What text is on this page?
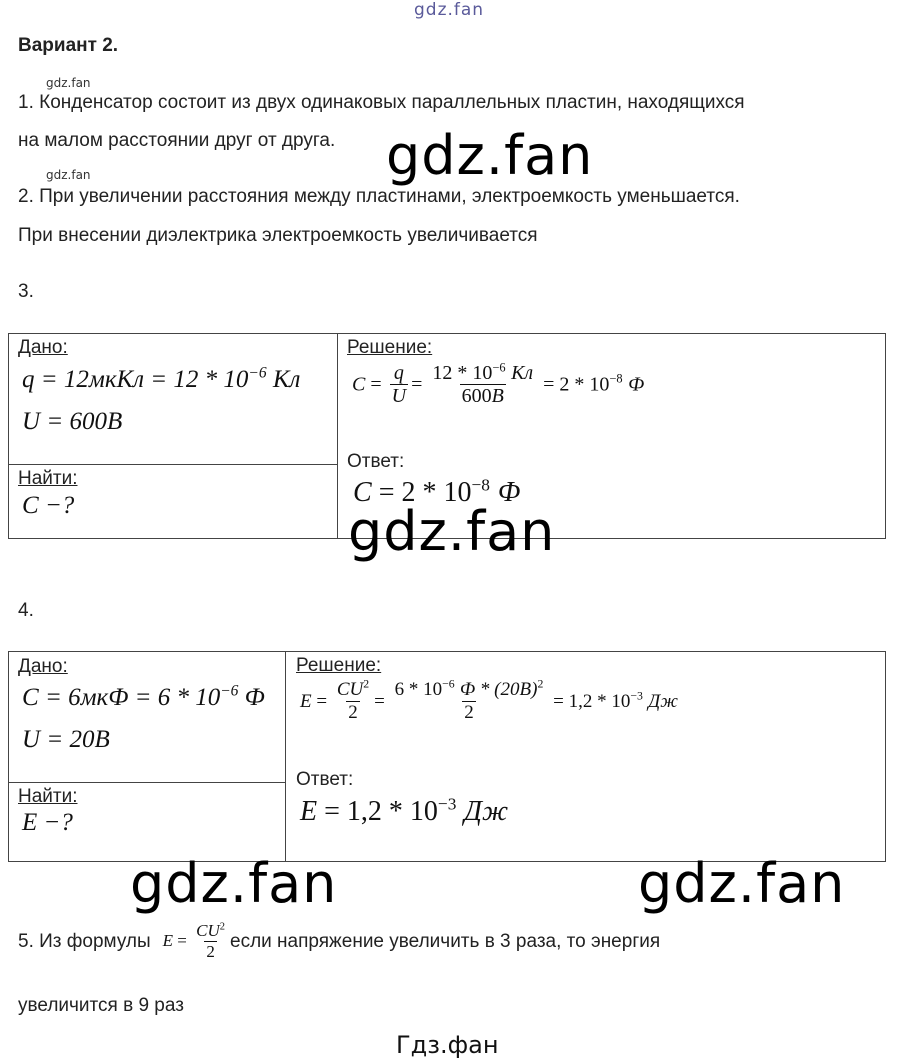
gdz.fan
Вариант 2.
gdz.fan
1. Конденсатор состоит из двух одинаковых параллельных пластин, находящихся
на малом расстоянии друг от друга. gdz.fan
gdz.fan
2. При увеличении расстояния между пластинами, электроемкость уменьшается.
При внесении диэлектрика электроемкость увеличивается
3.
Дано:
q = 12мкКл = $12 * 10^{-6}$ Кл
U = 600В
Найти:
C −?
Решение:
$C = \frac{q}{U} = \frac{12 * 10^{-6} Кл}{600В} = 2 * 10^{-8}$ Ф
Ответ:
$C = 2 * 10^{-8}$ Ф
gdz.fan
4.
Дано:
$C = 6мкФ = 6 * 10^{-6}$ Ф
U = 20В
Найти:
E −?
Решение:
$E = \frac{CU^2}{2} = \frac{6 * 10^{-6} Ф * (20В)^2}{2} = 1,2 * 10^{-3}$ Дж
Ответ:
$E = 1,2 * 10^{-3}$ Дж
gdz.fan	gdz.fan
5. Из формулы $E = \frac{CU^2}{2}$ если напряжение увеличить в 3 раза, то энергия
увеличится в 9 раз
Гдз.фан
